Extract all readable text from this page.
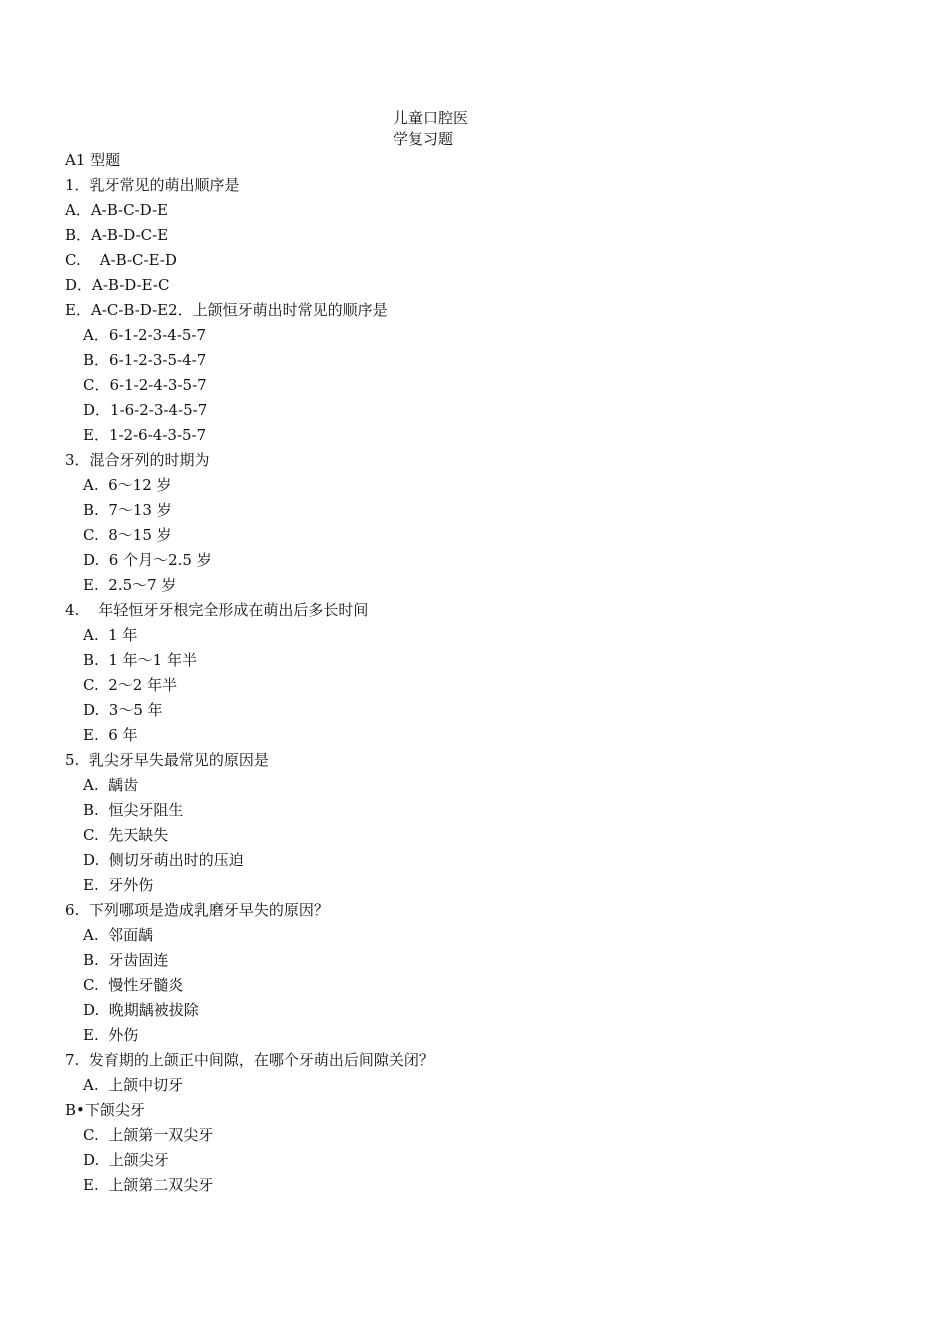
儿童口腔医
学复习题
A1 型题
1．乳牙常见的萌出顺序是
A．A-B-C-D-E
B．A-B-D-C-E
C.    A-B-C-E-D
D．A-B-D-E-C
E．A-C-B-D-E2．上颌恒牙萌出时常见的顺序是
A．6-1-2-3-4-5-7
B．6-1-2-3-5-4-7
C．6-1-2-4-3-5-7
D．1-6-2-3-4-5-7
E．1-2-6-4-3-5-7
3．混合牙列的时期为
A.  6～12 岁
B.  7～13 岁
C.  8～15 岁
D.  6 个月～2.5 岁
E.  2.5～7 岁
4.    年轻恒牙牙根完全形成在萌出后多长时间
A.  1 年
B.  1 年～1 年半
C.  2～2 年半
D.  3～5 年
E.  6 年
5.  乳尖牙早失最常见的原因是
A.  龋齿
B.  恒尖牙阻生
C.  先天缺失
D.  侧切牙萌出时的压迫
E.  牙外伤
6.  下列哪项是造成乳磨牙早失的原因？
A.  邻面龋
B.  牙齿固连
C.  慢性牙髓炎
D.  晚期龋被拔除
E.  外伤
7.  发育期的上颌正中间隙，在哪个牙萌出后间隙关闭？
A.  上颌中切牙
B•下颌尖牙
C.  上颌第一双尖牙
D.  上颌尖牙
E.  上颌第二双尖牙
